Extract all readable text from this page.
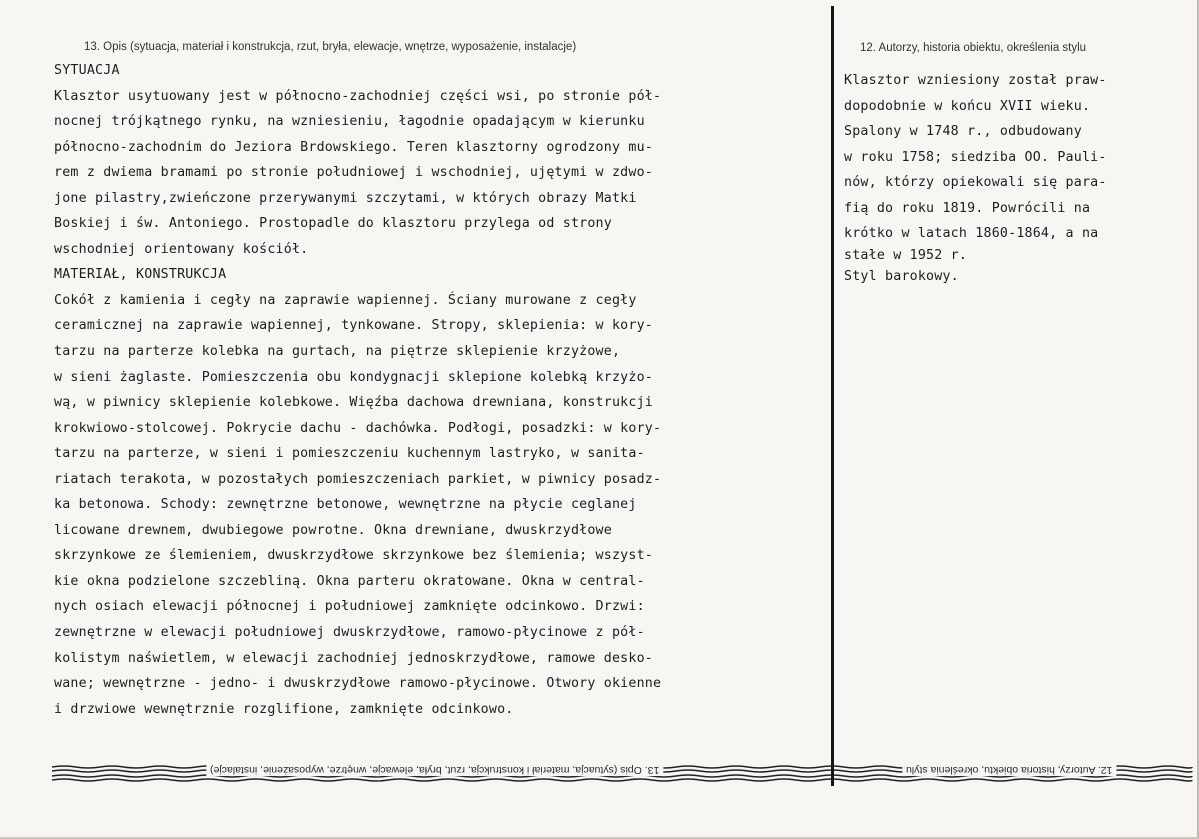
13. Opis (sytuacja, materiał i konstrukcja, rzut, bryła, elewacje, wnętrze, wyposażenie, instalacje)	12. Autorzy, historia obiektu, określenia stylu
SYTUACJA
Klasztor usytuowany jest w północno-zachodniej części wsi, po stronie pół-
nocnej trójkątnego rynku, na wzniesieniu, łagodnie opadającym w kierunku
północno-zachodnim do Jeziora Brdowskiego. Teren klasztorny ogrodzony mu-
rem z dwiema bramami po stronie południowej i wschodniej, ujętymi w zdwo-
jone pilastry,zwieńczone przerywanymi szczytami, w których obrazy Matki
Boskiej i św. Antoniego. Prostopadle do klasztoru przylega od strony
wschodniej orientowany kościół.
MATERIAŁ, KONSTRUKCJA
Cokół z kamienia i cegły na zaprawie wapiennej. Ściany murowane z cegły
ceramicznej na zaprawie wapiennej, tynkowane. Stropy, sklepienia: w kory-
tarzu na parterze kolebka na gurtach, na piętrze sklepienie krzyżowe,
w sieni żaglaste. Pomieszczenia obu kondygnacji sklepione kolebką krzyżo-
wą, w piwnicy sklepienie kolebkowe. Więźba dachowa drewniana, konstrukcji
krokwiowo-stolcowej. Pokrycie dachu - dachówka. Podłogi, posadzki: w kory-
tarzu na parterze, w sieni i pomieszczeniu kuchennym lastryko, w sanita-
riatach terakota, w pozostałych pomieszczeniach parkiet, w piwnicy posadz-
ka betonowa. Schody: zewnętrzne betonowe, wewnętrzne na płycie ceglanej
licowane drewnem, dwubiegowe powrotne. Okna drewniane, dwuskrzydłowe
skrzynkowe ze ślemieniem, dwuskrzydłowe skrzynkowe bez ślemienia; wszyst-
kie okna podzielone szczebliną. Okna parteru okratowane. Okna w central-
nych osiach elewacji północnej i południowej zamknięte odcinkowo. Drzwi:
zewnętrzne w elewacji południowej dwuskrzydłowe, ramowo-płycinowe z pół-
kolistym naświetlem, w elewacji zachodniej jednoskrzydłowe, ramowe desko-
wane; wewnętrzne - jedno- i dwuskrzydłowe ramowo-płycinowe. Otwory okienne
i drzwiowe wewnętrznie rozglifione, zamknięte odcinkowo.
Klasztor wzniesiony został praw-
dopodobnie w końcu XVII wieku.
Spalony w 1748 r., odbudowany
w roku 1758; siedziba OO. Pauli-
nów, którzy opiekowali się para-
fią do roku 1819. Powrócili na
krótko w latach 1860-1864, a na
stałe w 1952 r.
Styl barokowy.
13. Opis (sytuacja, materiał i konstrukcja, rzut, bryła, elewacje, wnętrze, wyposażenie, instalacje)	12. Autorzy, historia obiektu, określenia stylu
